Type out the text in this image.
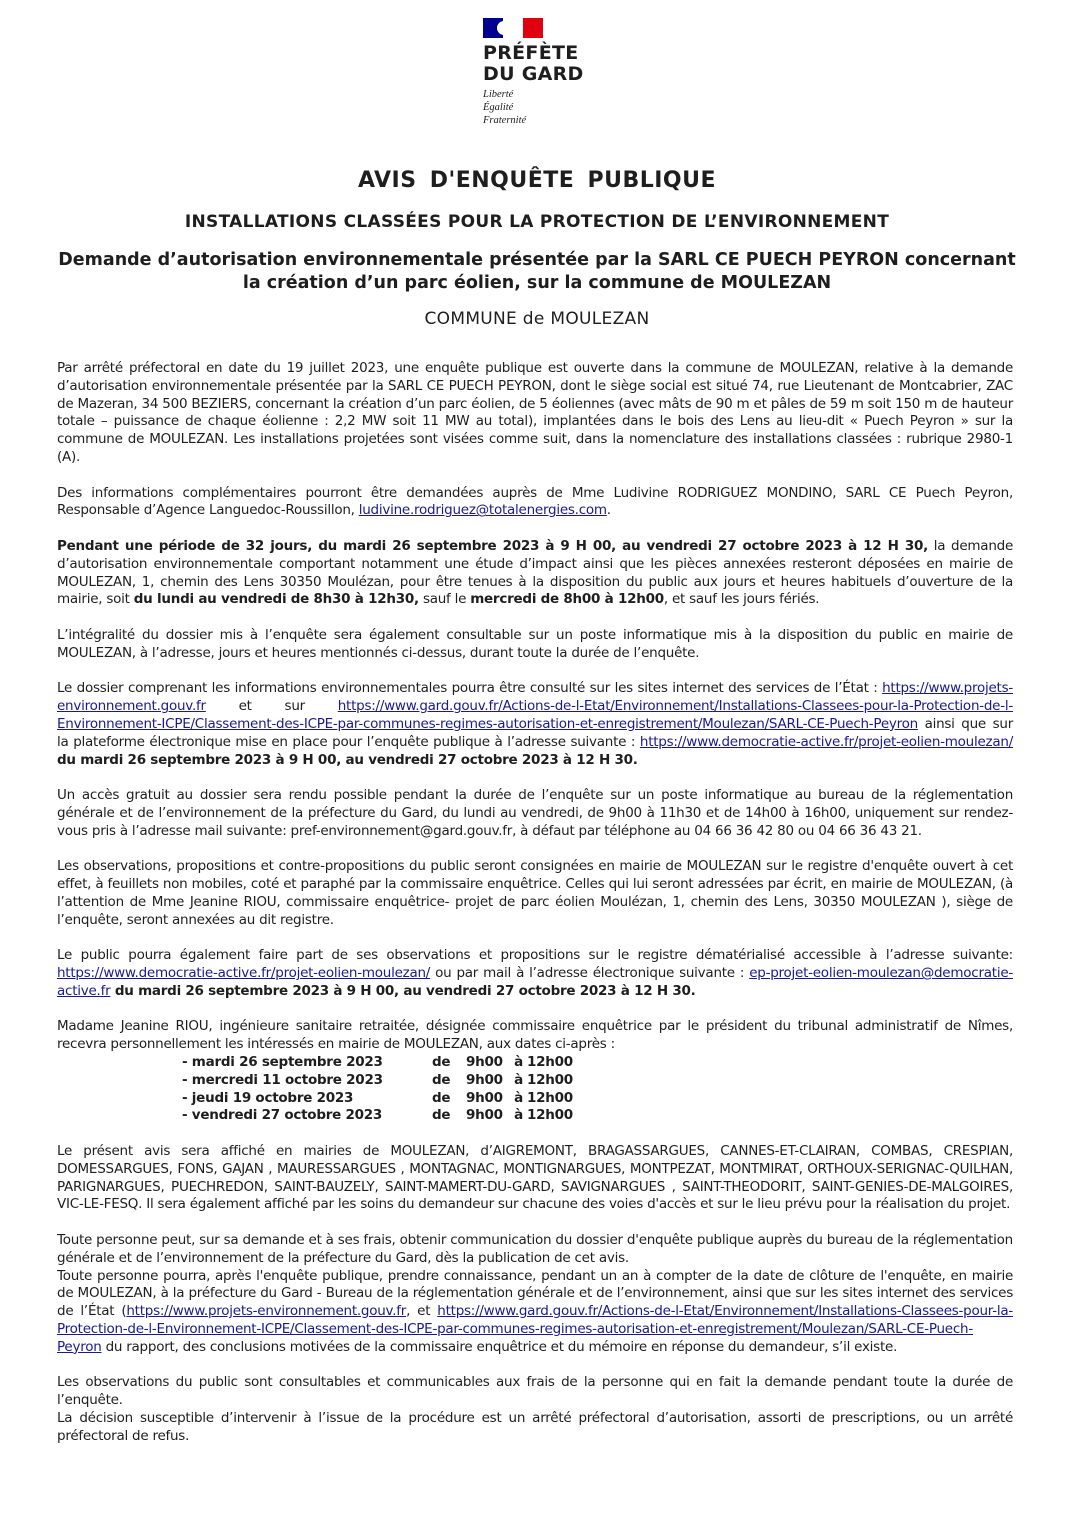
PRÉFÈTE
DU GARD
Liberté
Égalité
Fraternité
AVIS D'ENQUÊTE PUBLIQUE
INSTALLATIONS CLASSÉES POUR LA PROTECTION DE L’ENVIRONNEMENT
Demande d’autorisation environnementale présentée par la SARL CE PUECH PEYRON concernant la création d’un parc éolien, sur la commune de MOULEZAN
COMMUNE de MOULEZAN

Par arrêté préfectoral en date du 19 juillet 2023, une enquête publique est ouverte dans la commune de MOULEZAN, relative à la demande d’autorisation environnementale présentée par la SARL CE PUECH PEYRON, dont le siège social est situé 74, rue Lieutenant de Montcabrier, ZAC de Mazeran, 34 500 BEZIERS, concernant la création d’un parc éolien, de 5 éoliennes (avec mâts de 90 m et pâles de 59 m soit 150 m de hauteur totale – puissance de chaque éolienne : 2,2 MW soit 11 MW au total), implantées dans le bois des Lens au lieu-dit « Puech Peyron » sur la commune de MOULEZAN. Les installations projetées sont visées comme suit, dans la nomenclature des installations classées : rubrique 2980-1 (A).

Des informations complémentaires pourront être demandées auprès de Mme Ludivine RODRIGUEZ MONDINO, SARL CE Puech Peyron, Responsable d’Agence Languedoc-Roussillon, ludivine.rodriguez@totalenergies.com.

Pendant une période de 32 jours, du mardi 26 septembre 2023 à 9 H 00, au vendredi 27 octobre 2023 à 12 H 30, la demande d’autorisation environnementale comportant notamment une étude d’impact ainsi que les pièces annexées resteront déposées en mairie de MOULEZAN, 1, chemin des Lens 30350 Moulézan, pour être tenues à la disposition du public aux jours et heures habituels d’ouverture de la mairie, soit du lundi au vendredi de 8h30 à 12h30, sauf le mercredi de 8h00 à 12h00, et sauf les jours fériés.

L’intégralité du dossier mis à l’enquête sera également consultable sur un poste informatique mis à la disposition du public en mairie de MOULEZAN, à l’adresse, jours et heures mentionnés ci-dessus, durant toute la durée de l’enquête.

Le dossier comprenant les informations environnementales pourra être consulté sur les sites internet des services de l’État : https://www.projets-environnement.gouv.fr et sur https://www.gard.gouv.fr/Actions-de-l-Etat/Environnement/Installations-Classees-pour-la-Protection-de-l-Environnement-ICPE/Classement-des-ICPE-par-communes-regimes-autorisation-et-enregistrement/Moulezan/SARL-CE-Puech-Peyron ainsi que sur la plateforme électronique mise en place pour l’enquête publique à l’adresse suivante : https://www.democratie-active.fr/projet-eolien-moulezan/ du mardi 26 septembre 2023 à 9 H 00, au vendredi 27 octobre 2023 à 12 H 30.

Un accès gratuit au dossier sera rendu possible pendant la durée de l’enquête sur un poste informatique au bureau de la réglementation générale et de l’environnement de la préfecture du Gard, du lundi au vendredi, de 9h00 à 11h30 et de 14h00 à 16h00, uniquement sur rendez-vous pris à l’adresse mail suivante: pref-environnement@gard.gouv.fr, à défaut par téléphone au 04 66 36 42 80 ou 04 66 36 43 21.

Les observations, propositions et contre-propositions du public seront consignées en mairie de MOULEZAN sur le registre d'enquête ouvert à cet effet, à feuillets non mobiles, coté et paraphé par la commissaire enquêtrice. Celles qui lui seront adressées par écrit, en mairie de MOULEZAN, (à l’attention de Mme Jeanine RIOU, commissaire enquêtrice- projet de parc éolien Moulézan, 1, chemin des Lens, 30350 MOULEZAN ), siège de l’enquête, seront annexées au dit registre.

Le public pourra également faire part de ses observations et propositions sur le registre dématérialisé accessible à l’adresse suivante: https://www.democratie-active.fr/projet-eolien-moulezan/ ou par mail à l’adresse électronique suivante : ep-projet-eolien-moulezan@democratie-active.fr du mardi 26 septembre 2023 à 9 H 00, au vendredi 27 octobre 2023 à 12 H 30.

Madame Jeanine RIOU, ingénieure sanitaire retraitée, désignée commissaire enquêtrice par le président du tribunal administratif de Nîmes, recevra personnellement les intéressés en mairie de MOULEZAN, aux dates ci-après :

- mardi 26 septembre 2023	de	9h00 à 12h00
- mercredi 11 octobre 2023	de	9h00 à 12h00
- jeudi 19 octobre 2023	de	9h00 à 12h00
- vendredi 27 octobre 2023	de	9h00 à 12h00

Le présent avis sera affiché en mairies de MOULEZAN, d’AIGREMONT, BRAGASSARGUES, CANNES-ET-CLAIRAN, COMBAS, CRESPIAN, DOMESSARGUES, FONS, GAJAN , MAURESSARGUES , MONTAGNAC, MONTIGNARGUES, MONTPEZAT, MONTMIRAT, ORTHOUX-SERIGNAC-QUILHAN, PARIGNARGUES, PUECHREDON, SAINT-BAUZELY, SAINT-MAMERT-DU-GARD, SAVIGNARGUES , SAINT-THEODORIT, SAINT-GENIES-DE-MALGOIRES, VIC-LE-FESQ. Il sera également affiché par les soins du demandeur sur chacune des voies d'accès et sur le lieu prévu pour la réalisation du projet.

Toute personne peut, sur sa demande et à ses frais, obtenir communication du dossier d'enquête publique auprès du bureau de la réglementation générale et de l’environnement de la préfecture du Gard, dès la publication de cet avis.

Toute personne pourra, après l'enquête publique, prendre connaissance, pendant un an à compter de la date de clôture de l'enquête, en mairie de MOULEZAN, à la préfecture du Gard - Bureau de la réglementation générale et de l’environnement, ainsi que sur les sites internet des services de l’État (https://www.projets-environnement.gouv.fr, et https://www.gard.gouv.fr/Actions-de-l-Etat/Environnement/Installations-Classees-pour-la-Protection-de-l-Environnement-ICPE/Classement-des-ICPE-par-communes-regimes-autorisation-et-enregistrement/Moulezan/SARL-CE-Puech-Peyron du rapport, des conclusions motivées de la commissaire enquêtrice et du mémoire en réponse du demandeur, s’il existe.

Les observations du public sont consultables et communicables aux frais de la personne qui en fait la demande pendant toute la durée de l’enquête.

La décision susceptible d’intervenir à l’issue de la procédure est un arrêté préfectoral d’autorisation, assorti de prescriptions, ou un arrêté préfectoral de refus.
